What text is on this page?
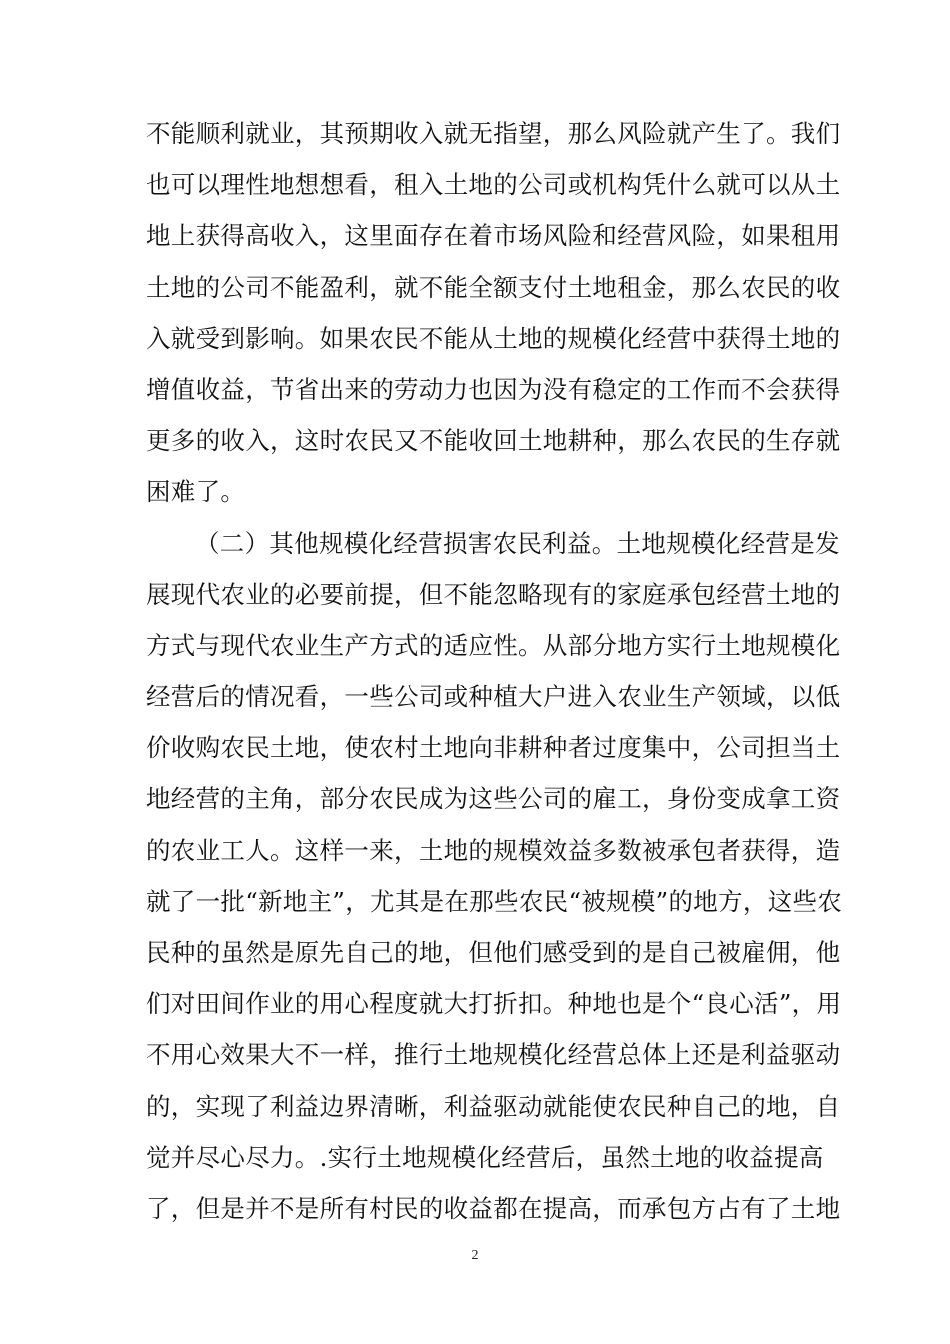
不能顺利就业，其预期收入就无指望，那么风险就产生了。我们
也可以理性地想想看，租入土地的公司或机构凭什么就可以从土
地上获得高收入，这里面存在着市场风险和经营风险，如果租用
土地的公司不能盈利，就不能全额支付土地租金，那么农民的收
入就受到影响。如果农民不能从土地的规模化经营中获得土地的
增值收益，节省出来的劳动力也因为没有稳定的工作而不会获得
更多的收入，这时农民又不能收回土地耕种，那么农民的生存就
困难了。
（二）其他规模化经营损害农民利益。土地规模化经营是发
展现代农业的必要前提，但不能忽略现有的家庭承包经营土地的
方式与现代农业生产方式的适应性。从部分地方实行土地规模化
经营后的情况看，一些公司或种植大户进入农业生产领域，以低
价收购农民土地，使农村土地向非耕种者过度集中，公司担当土
地经营的主角，部分农民成为这些公司的雇工，身份变成拿工资
的农业工人。这样一来，土地的规模效益多数被承包者获得，造
就了一批“新地主”，尤其是在那些农民“被规模”的地方，这些农
民种的虽然是原先自己的地，但他们感受到的是自己被雇佣，他
们对田间作业的用心程度就大打折扣。种地也是个“良心活”，用
不用心效果大不一样，推行土地规模化经营总体上还是利益驱动
的，实现了利益边界清晰，利益驱动就能使农民种自己的地，自
觉并尽心尽力。.实行土地规模化经营后，虽然土地的收益提高
了，但是并不是所有村民的收益都在提高，而承包方占有了土地
2
